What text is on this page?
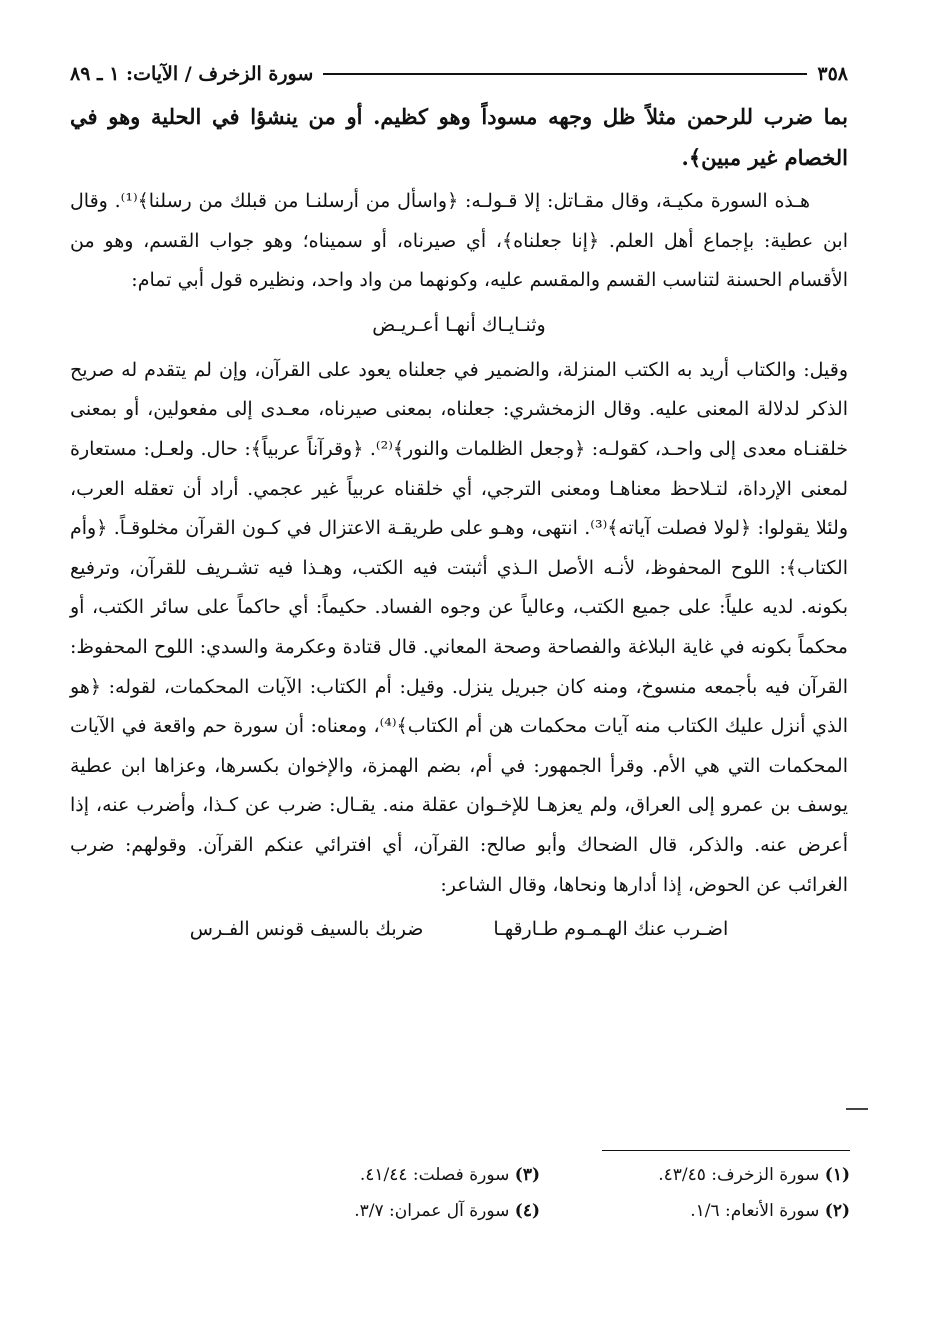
٣٥٨
سورة الزخرف / الآيات: ١ ـ ٨٩
بما ضرب للرحمن مثلاً ظل وجهه مسوداً وهو كظيم. أو من ينشؤا في الحلية وهو في الخصام غير مبين﴾.

هـذه السورة مكيـة، وقال مقـاتل: إلا قـولـه: ﴿واسأل من أرسلنـا من قبلك من رسلنا﴾⁽¹⁾. وقال ابن عطية: بإجماع أهل العلم. ﴿إنا جعلناه﴾، أي صيرناه، أو سميناه؛ وهو جواب القسم، وهو من الأقسام الحسنة لتناسب القسم والمقسم عليه، وكونهما من واد واحد، ونظيره قول أبي تمام:

وثنـايـاك أنهـا أعـريـض

وقيل: والكتاب أريد به الكتب المنزلة، والضمير في جعلناه يعود على القرآن، وإن لم يتقدم له صريح الذكر لدلالة المعنى عليه. وقال الزمخشري: جعلناه، بمعنى صيرناه، معـدى إلى مفعولين، أو بمعنى خلقنـاه معدى إلى واحـد، كقولـه: ﴿وجعل الظلمات والنور﴾⁽²⁾. ﴿وقرآناً عربياً﴾: حال. ولعـل: مستعارة لمعنى الإرداة، لتـلاحظ معناهـا ومعنى الترجي، أي خلقناه عربياً غير عجمي. أراد أن تعقله العرب، ولئلا يقولوا: ﴿لولا فصلت آياته﴾⁽³⁾. انتهى، وهـو على طريقـة الاعتزال في كـون القرآن مخلوقـاً. ﴿وأم الكتاب﴾: اللوح المحفوظ، لأنـه الأصل الـذي أثبتت فيه الكتب، وهـذا فيه تشـريف للقرآن، وترفيع بكونه. لديه علياً: على جميع الكتب، وعالياً عن وجوه الفساد. حكيماً: أي حاكماً على سائر الكتب، أو محكماً بكونه في غاية البلاغة والفصاحة وصحة المعاني. قال قتادة وعكرمة والسدي: اللوح المحفوظ: القرآن فيه بأجمعه منسوخ، ومنه كان جبريل ينزل. وقيل: أم الكتاب: الآيات المحكمات، لقوله: ﴿هو الذي أنزل عليك الكتاب منه آيات محكمات هن أم الكتاب﴾⁽⁴⁾، ومعناه: أن سورة حم واقعة في الآيات المحكمات التي هي الأم. وقرأ الجمهور: في أم، بضم الهمزة، والإخوان بكسرها، وعزاها ابن عطية يوسف بن عمرو إلى العراق، ولم يعزهـا للإخـوان عقلة منه. يقـال: ضرب عن كـذا، وأضرب عنه، إذا أعرض عنه. والذكر، قال الضحاك وأبو صالح: القرآن، أي افترائي عنكم القرآن. وقولهم: ضرب الغرائب عن الحوض، إذا أدارها ونحاها، وقال الشاعر:

اضـرب عنك الهـمـوم طـارقهـا
ضربك بالسيف قونس الفـرس
(١) سورة الزخرف: ٤٣/٤٥.
(٣) سورة فصلت: ٤١/٤٤.
(٢) سورة الأنعام: ١/٦.
(٤) سورة آل عمران: ٣/٧.
